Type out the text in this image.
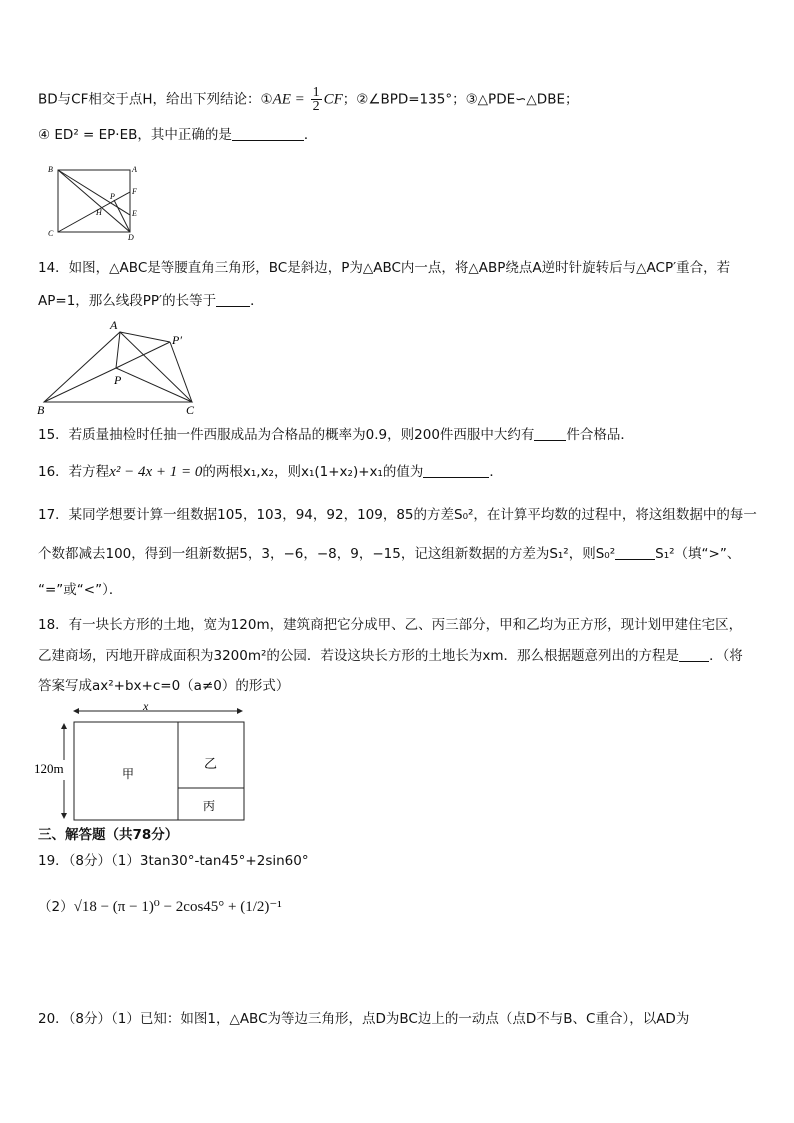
BD与CF相交于点H，给出下列结论：①AE = $\frac{1}{2}$ CF；②∠BPD=135°；③△PDE∽△DBE；
④ ED² = EP·EB，其中正确的是	．
B	A
P
F
H	E
C	D
14．如图，△ABC是等腰直角三角形，BC是斜边，P为△ABC内一点，将△ABP绕点A逆时针旋转后与△ACP′重合，若
AP=1，那么线段PP′的长等于	．
A
P′
P
B	C
15．若质量抽检时任抽一件西服成品为合格品的概率为0.9，则200件西服中大约有 件合格品．
16．若方程x² − 4x + 1 = 0的两根x₁,x₂，则x₁(1+x₂)+x₁的值为	．
17．某同学想要计算一组数据105，103，94，92，109，85的方差S₀²，在计算平均数的过程中，将这组数据中的每一
个数都减去100，得到一组新数据5，3，−6，−8，9，−15，记这组新数据的方差为S₁²，则S₀²	S₁²（填“>”、
“=”或“<”）．
18．有一块长方形的土地，宽为120m，建筑商把它分成甲、乙、丙三部分，甲和乙均为正方形，现计划甲建住宅区，
乙建商场，丙地开辟成面积为3200m²的公园．若设这块长方形的土地长为xm．那么根据题意列出的方程是 ．（将
答案写成ax²+bx+c=0（a≠0）的形式）
x
120m	甲
乙
丙
三、解答题（共78分）
19．（8分）（1）3tan30°-tan45°+2sin60°
（2）√18 − (π − 1)⁰ − 2cos45° + (1/2)⁻¹
20．（8分）（1）已知：如图1，△ABC为等边三角形，点D为BC边上的一动点（点D不与B、C重合），以AD为
